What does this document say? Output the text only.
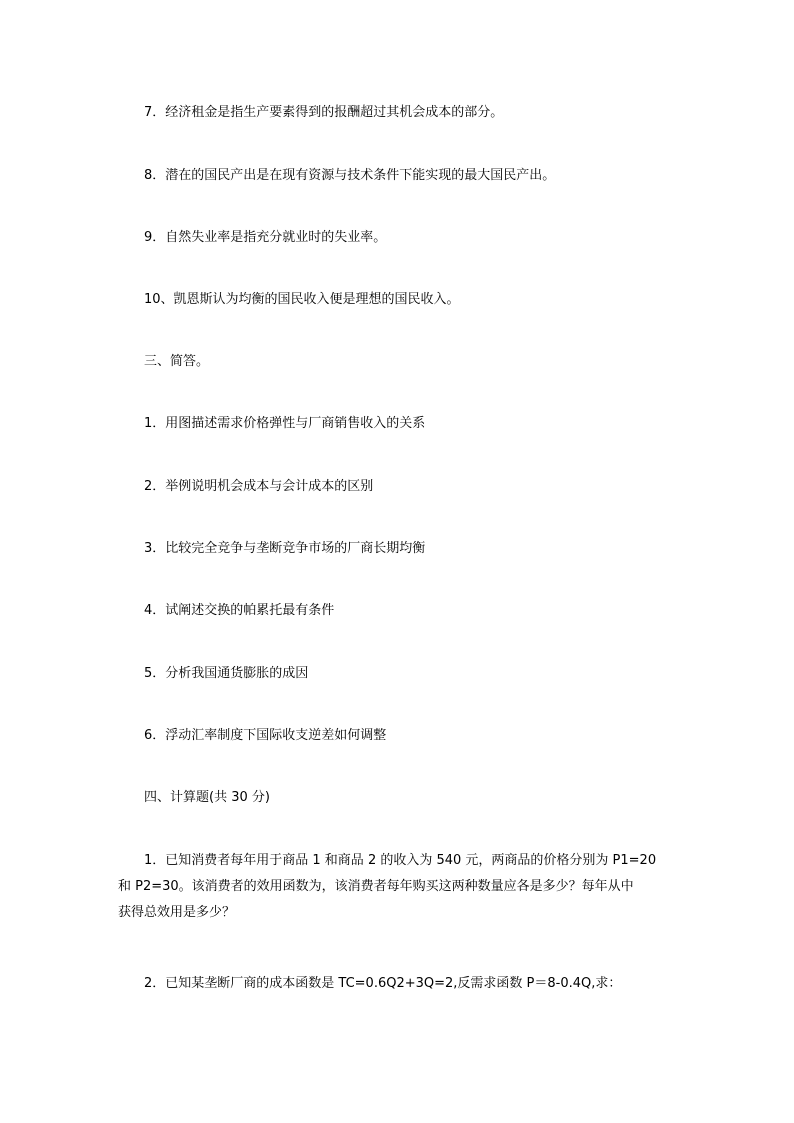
7．经济租金是指生产要素得到的报酬超过其机会成本的部分。
8．潜在的国民产出是在现有资源与技术条件下能实现的最大国民产出。
9．自然失业率是指充分就业时的失业率。
10、凯恩斯认为均衡的国民收入便是理想的国民收入。
三、简答。
1．用图描述需求价格弹性与厂商销售收入的关系
2．举例说明机会成本与会计成本的区别
3．比较完全竞争与垄断竞争市场的厂商长期均衡
4．试阐述交换的帕累托最有条件
5．分析我国通货膨胀的成因
6．浮动汇率制度下国际收支逆差如何调整
四、计算题(共 30 分)
1．已知消费者每年用于商品 1 和商品 2 的收入为 540 元，两商品的价格分别为 P1=20
和 P2=30。该消费者的效用函数为，该消费者每年购买这两种数量应各是多少？每年从中
获得总效用是多少？
2．已知某垄断厂商的成本函数是 TC=0.6Q2+3Q=2,反需求函数 P＝8-0.4Q,求：
